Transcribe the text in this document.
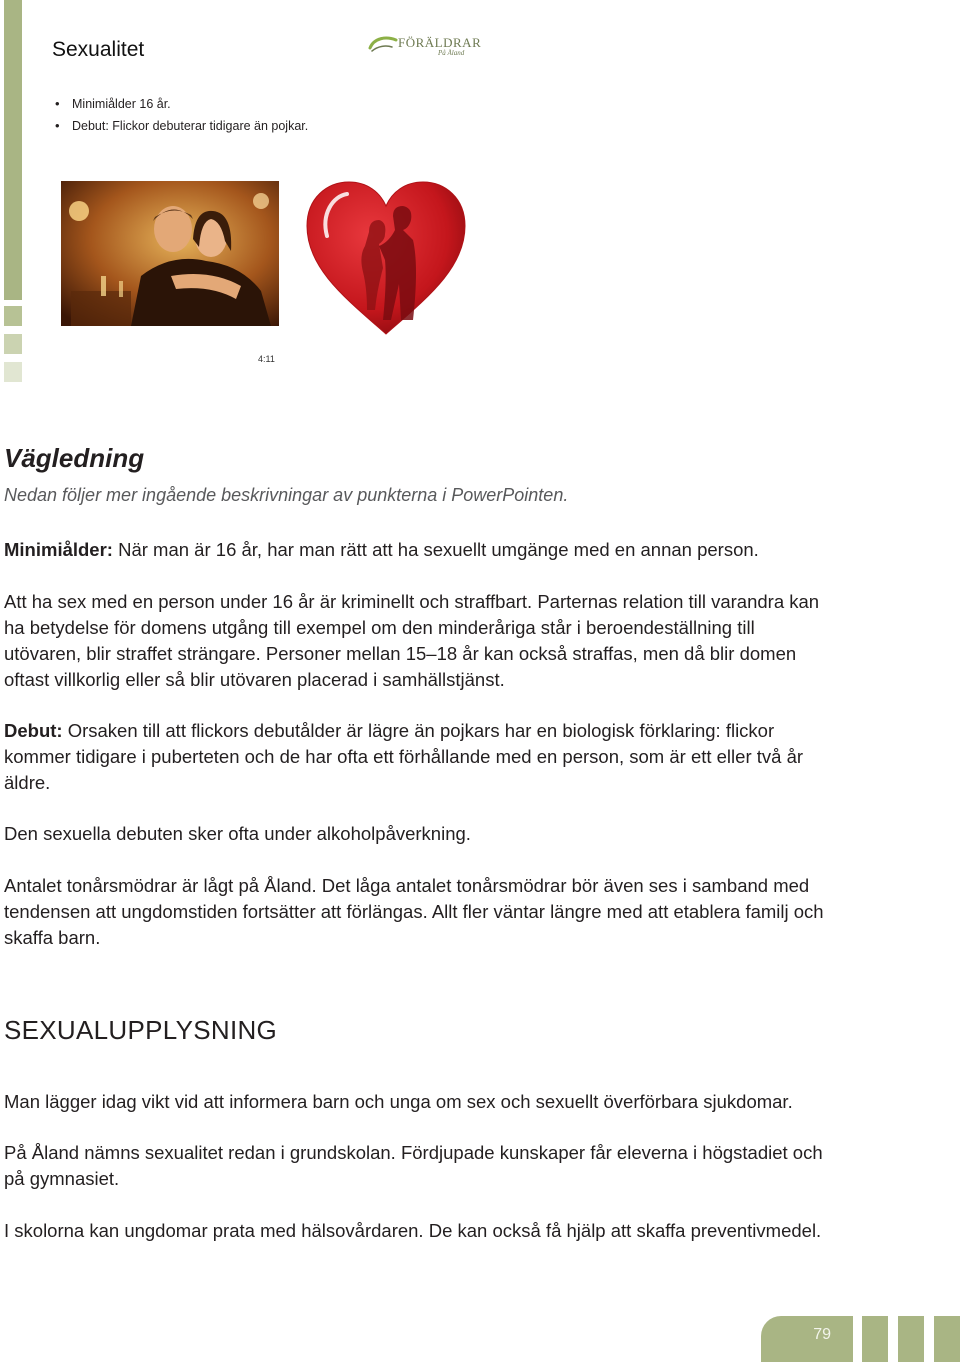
Sexualitet	FÖRÄLDRAR
På Åland
• Minimiålder 16 år.
• Debut: Flickor debuterar tidigare än pojkar.
4:11
Vägledning
Nedan följer mer ingående beskrivningar av punkterna i PowerPointen.

Minimiålder: När man är 16 år, har man rätt att ha sexuellt umgänge med en annan person.

Att ha sex med en person under 16 år är kriminellt och straffbart. Parternas relation till varandra kan ha betydelse för domens utgång till exempel om den minderåriga står i beroendeställning till utövaren, blir straffet strängare. Personer mellan 15–18 år kan också straffas, men då blir domen oftast villkorlig eller så blir utövaren placerad i samhällstjänst.

Debut: Orsaken till att flickors debutålder är lägre än pojkars har en biologisk förklaring: flickor kommer tidigare i puberteten och de har ofta ett förhållande med en person, som är ett eller två år äldre.

Den sexuella debuten sker ofta under alkoholpåverkning.

Antalet tonårsmödrar är lågt på Åland. Det låga antalet tonårsmödrar bör även ses i samband med tendensen att ungdomstiden fortsätter att förlängas. Allt fler väntar längre med att etablera familj och skaffa barn.

SEXUALUPPLYSNING

Man lägger idag vikt vid att informera barn och unga om sex och sexuellt överförbara sjukdomar.

På Åland nämns sexualitet redan i grundskolan. Fördjupade kunskaper får eleverna i högstadiet och på gymnasiet.

I skolorna kan ungdomar prata med hälsovårdaren. De kan också få hjälp att skaffa preventivmedel.

79
